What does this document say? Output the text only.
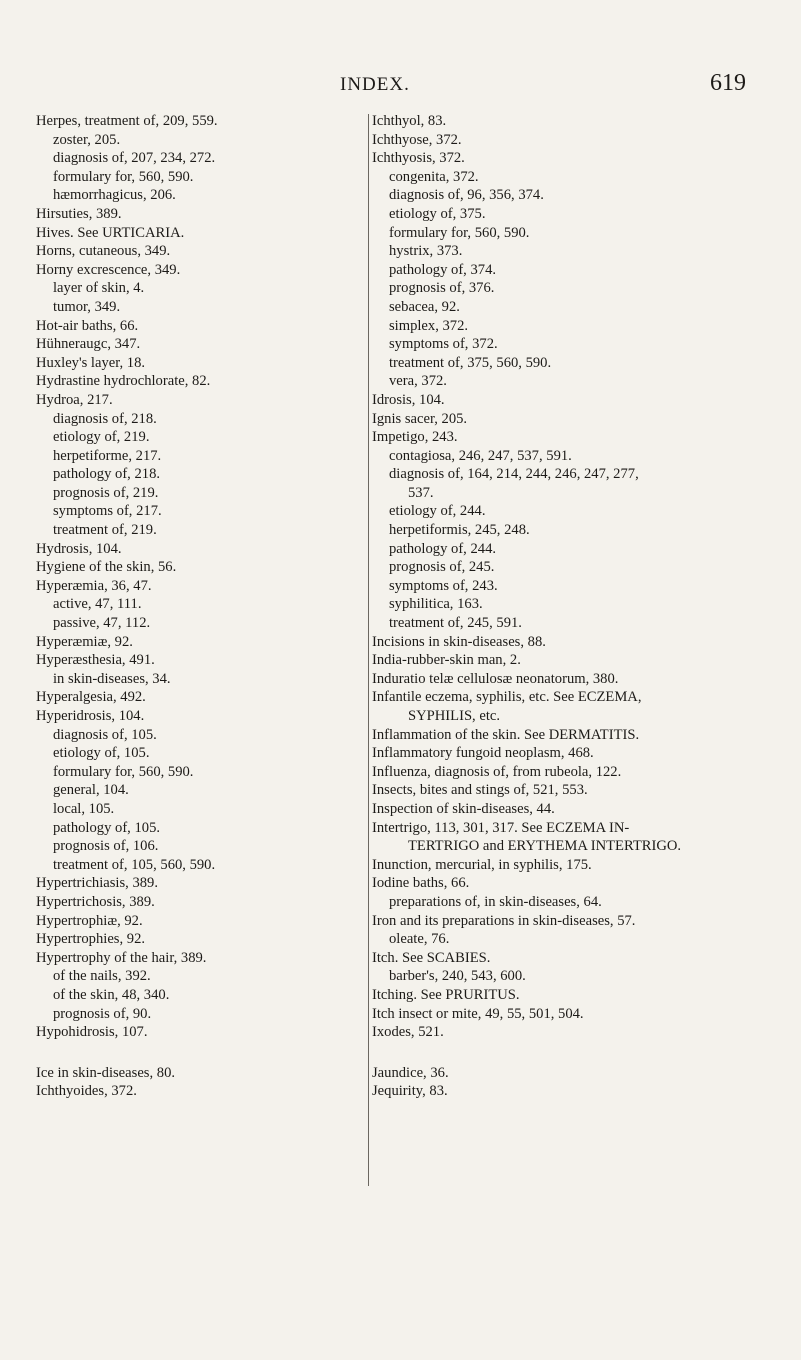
INDEX.	619
Herpes, treatment of, 209, 559.
zoster, 205.
diagnosis of, 207, 234, 272.
formulary for, 560, 590.
hæmorrhagicus, 206.
Hirsuties, 389.
Hives. See URTICARIA.
Horns, cutaneous, 349.
Horny excrescence, 349.
layer of skin, 4.
tumor, 349.
Hot-air baths, 66.
Hühneraugc, 347.
Huxley's layer, 18.
Hydrastine hydrochlorate, 82.
Hydroa, 217.
diagnosis of, 218.
etiology of, 219.
herpetiforme, 217.
pathology of, 218.
prognosis of, 219.
symptoms of, 217.
treatment of, 219.
Hydrosis, 104.
Hygiene of the skin, 56.
Hyperæmia, 36, 47.
active, 47, 111.
passive, 47, 112.
Hyperæmiæ, 92.
Hyperæsthesia, 491.
in skin-diseases, 34.
Hyperalgesia, 492.
Hyperidrosis, 104.
diagnosis of, 105.
etiology of, 105.
formulary for, 560, 590.
general, 104.
local, 105.
pathology of, 105.
prognosis of, 106.
treatment of, 105, 560, 590.
Hypertrichiasis, 389.
Hypertrichosis, 389.
Hypertrophiæ, 92.
Hypertrophies, 92.
Hypertrophy of the hair, 389.
of the nails, 392.
of the skin, 48, 340.
prognosis of, 90.
Hypohidrosis, 107.
Ice in skin-diseases, 80.
Ichthyoides, 372.
Ichthyol, 83.
Ichthyose, 372.
Ichthyosis, 372.
congenita, 372.
diagnosis of, 96, 356, 374.
etiology of, 375.
formulary for, 560, 590.
hystrix, 373.
pathology of, 374.
prognosis of, 376.
sebacea, 92.
simplex, 372.
symptoms of, 372.
treatment of, 375, 560, 590.
vera, 372.
Idrosis, 104.
Ignis sacer, 205.
Impetigo, 243.
contagiosa, 246, 247, 537, 591.
diagnosis of, 164, 214, 244, 246, 247, 277,
537.
etiology of, 244.
herpetiformis, 245, 248.
pathology of, 244.
prognosis of, 245.
symptoms of, 243.
syphilitica, 163.
treatment of, 245, 591.
Incisions in skin-diseases, 88.
India-rubber-skin man, 2.
Induratio telæ cellulosæ neonatorum, 380.
Infantile eczema, syphilis, etc. See ECZEMA,
SYPHILIS, etc.
Inflammation of the skin. See DERMATITIS.
Inflammatory fungoid neoplasm, 468.
Influenza, diagnosis of, from rubeola, 122.
Insects, bites and stings of, 521, 553.
Inspection of skin-diseases, 44.
Intertrigo, 113, 301, 317. See ECZEMA IN-
TERTRIGO and ERYTHEMA INTERTRIGO.
Inunction, mercurial, in syphilis, 175.
Iodine baths, 66.
preparations of, in skin-diseases, 64.
Iron and its preparations in skin-diseases, 57.
oleate, 76.
Itch. See SCABIES.
barber's, 240, 543, 600.
Itching. See PRURITUS.
Itch insect or mite, 49, 55, 501, 504.
Ixodes, 521.
Jaundice, 36.
Jequirity, 83.
